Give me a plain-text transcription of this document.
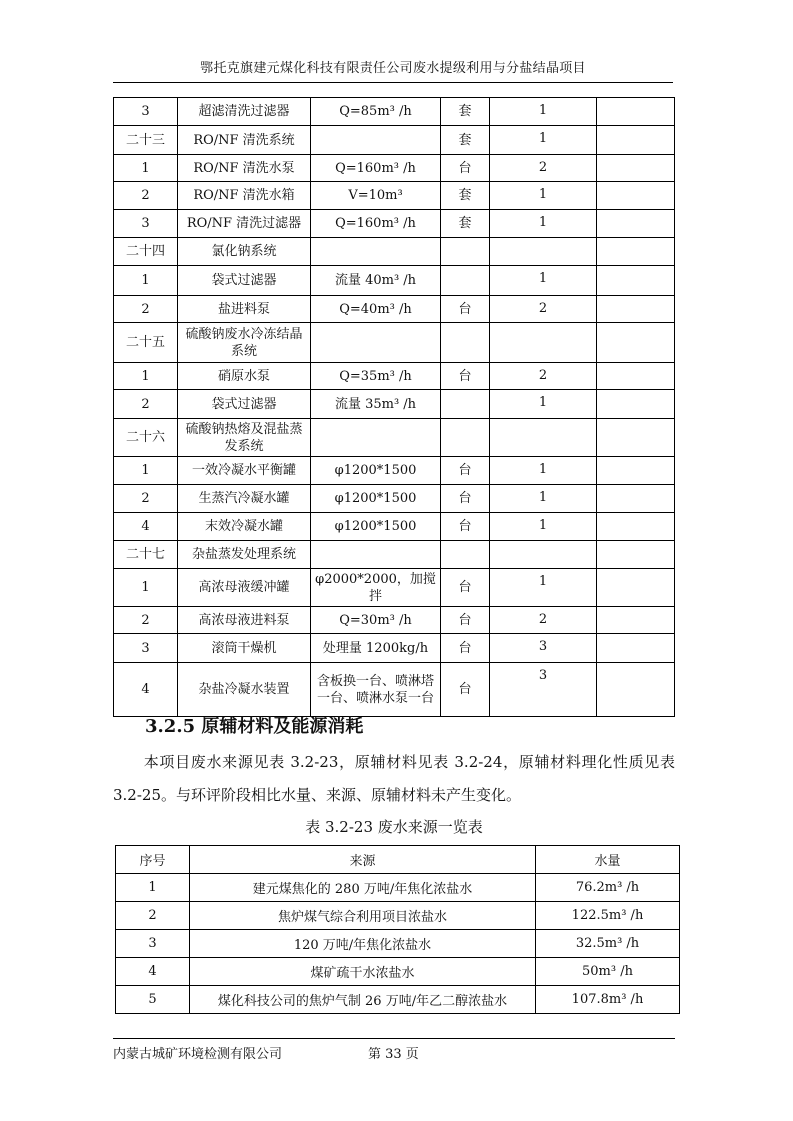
鄂托克旗建元煤化科技有限责任公司废水提级利用与分盐结晶项目
3	超滤清洗过滤器	Q=85m³ /h	套	1	
二十三	RO/NF 清洗系统		套	1	
1	RO/NF 清洗水泵	Q=160m³ /h	台	2	
2	RO/NF 清洗水箱	V=10m³	套	1	
3	RO/NF 清洗过滤器	Q=160m³ /h	套	1	
二十四	氯化钠系统				
1	袋式过滤器	流量 40m³ /h		1	
2	盐进料泵	Q=40m³ /h	台	2	
二十五	硫酸钠废水冷冻结晶系统				
1	硝原水泵	Q=35m³ /h	台	2	
2	袋式过滤器	流量 35m³ /h		1	
二十六	硫酸钠热熔及混盐蒸发系统				
1	一效冷凝水平衡罐	φ1200*1500	台	1	
2	生蒸汽冷凝水罐	φ1200*1500	台	1	
4	末效冷凝水罐	φ1200*1500	台	1	
二十七	杂盐蒸发处理系统				
1	高浓母液缓冲罐	φ2000*2000，加搅拌	台	1	
2	高浓母液进料泵	Q=30m³ /h	台	2	
3	滚筒干燥机	处理量 1200kg/h	台	3	
4	杂盐冷凝水装置	含板换一台、喷淋塔一台、喷淋水泵一台	台	3	
3.2.5 原辅材料及能源消耗
本项目废水来源见表 3.2-23，原辅材料见表 3.2-24，原辅材料理化性质见表 3.2-25。与环评阶段相比水量、来源、原辅材料未产生变化。
表 3.2-23 废水来源一览表
序号	来源	水量
1	建元煤焦化的 280 万吨/年焦化浓盐水	76.2m³ /h
2	焦炉煤气综合利用项目浓盐水	122.5m³ /h
3	120 万吨/年焦化浓盐水	32.5m³ /h
4	煤矿疏干水浓盐水	50m³ /h
5	煤化科技公司的焦炉气制 26 万吨/年乙二醇浓盐水	107.8m³ /h
内蒙古城矿环境检测有限公司	第 33 页
